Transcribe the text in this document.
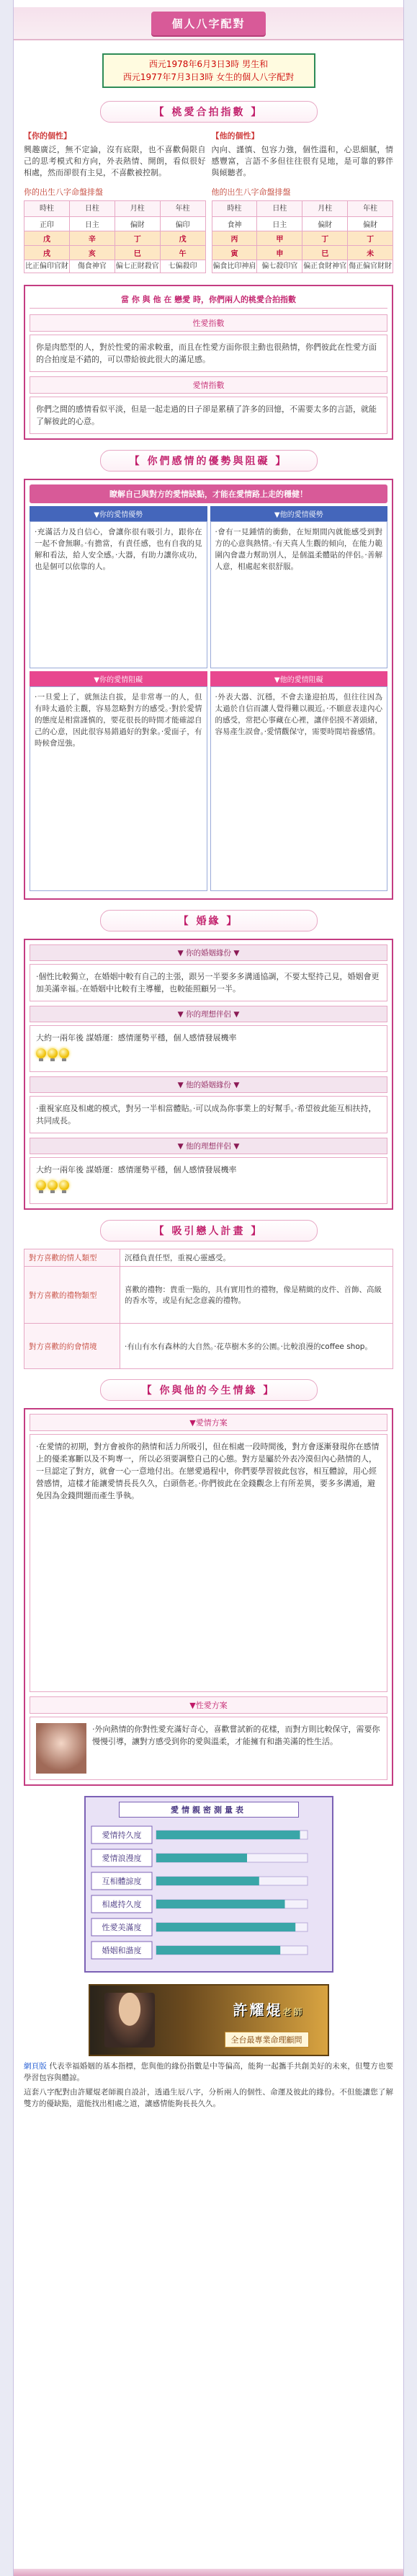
個人八字配對
西元1978年6月3日3時 男生和
西元1977年7月3日3時 女生的個人八字配對
【 桃愛合拍指數 】
【你的個性】
興趣廣泛，無不定論，沒有底限，也不喜歡侷限自己的思考模式和方向，外表熱情、開朗，看似很好相處，然而卻很有主見，不喜歡被控制。
【他的個性】
內向、謹慎、包容力強，個性溫和，心思細膩，情感豐富，言語不多但往往很有見地，是可靠的夥伴與傾聽者。
你的出生八字命盤排盤
時柱	日柱	月柱	年柱
正印	日主	偏財	偏印
戊	辛	丁	戊
戌	亥	巳	午
比正偏印官財	傷食神官	偏七正財殺官	七偏殺印
他的出生八字命盤排盤
時柱	日柱	月柱	年柱
食神	日主	偏財	偏財
丙	甲	丁	丁
寅	申	巳	未
偏食比印神肩	偏七殺印官	偏正食財神官	傷正偏官財財
當 你 與 他 在 戀愛 時，你們兩人的桃愛合拍指數
性愛指數
你是肉慾型的人，對於性愛的需求較重，而且在性愛方面你很主動也很熱情，你們彼此在性愛方面的合拍度是不錯的，可以帶給彼此很大的滿足感。
愛情指數
你們之間的感情看似平淡，但是一起走過的日子卻是累積了許多的回憶，不需要太多的言語，就能了解彼此的心意。
【 你們感情的優勢與阻礙 】
瞭解自己與對方的愛情缺點，才能在愛情路上走的穩健！
▼你的愛情優勢
‧充滿活力及自信心，會讓你很有吸引力，跟你在一起不會無聊。‧有擔當，有責任感，也有自我的見解和看法，給人安全感。‧大器，有助力讓你成功，也是個可以依靠的人。
▼他的愛情優勢
‧會有一見鍾情的衝動，在短期間內就能感受到對方的心意與熱情。‧有天真人生觀的傾向，在能力範圍內會盡力幫助別人，是個溫柔體貼的伴侶。‧善解人意，相處起來很舒服。
▼你的愛情阻礙
‧一旦愛上了，就無法自拔，是非常專一的人，但有時太過於主觀，容易忽略對方的感受。‧對於愛情的態度是相當謹慎的，要花很長的時間才能確認自己的心意，因此很容易錯過好的對象。‧愛面子，有時候會逞強。
▼他的愛情阻礙
‧外表大器、沉穩，不會去逢迎拍馬，但往往因為太過於自信而讓人覺得難以親近。‧不願意表達內心的感受，常把心事藏在心裡，讓伴侶摸不著頭緒，容易產生誤會。‧愛情觀保守，需要時間培養感情。
【 婚緣 】
▼ 你的婚姻緣份 ▼
‧個性比較獨立，在婚姻中較有自己的主張，跟另一半要多多溝通協調，不要太堅持己見，婚姻會更加美滿幸福。‧在婚姻中比較有主導權，也較能照顧另一半。
▼ 你的理想伴侶 ▼
大約一兩年後 謀婚運：感情運勢平穩，個人感情發展機率
▼ 他的婚姻緣份 ▼
‧重視家庭及相處的模式，對另一半相當體貼。‧可以成為你事業上的好幫手。‧希望彼此能互相扶持，共同成長。
▼ 他的理想伴侶 ▼
大約一兩年後 謀婚運：感情運勢平穩，個人感情發展機率
【 吸引戀人計畫 】
對方喜歡的情人類型	沉穩負責任型，重視心靈感受。
對方喜歡的禮物類型	喜歡的禮物：貴重一點的，具有實用性的禮物，像是精緻的皮件、首飾、高級的香水等，或是有紀念意義的禮物。
對方喜歡的約會情境	‧有山有水有森林的大自然。‧花草樹木多的公園。‧比較浪漫的coffee shop。
【 你與他的今生情緣 】
▼愛情方案
‧在愛情的初期，對方會被你的熱情和活力所吸引，但在相處一段時間後，對方會逐漸發現你在感情上的優柔寡斷以及不夠專一，所以必須要調整自己的心態。對方是屬於外表冷漠但內心熱情的人，一旦認定了對方，就會一心一意地付出。在戀愛過程中，你們要學習彼此包容，相互體諒，用心經營感情，這樣才能讓愛情長長久久，白頭偕老。‧你們彼此在金錢觀念上有所差異，要多多溝通，避免因為金錢問題而產生爭執。
▼性愛方案
‧外向熱情的你對性愛充滿好奇心，喜歡嘗試新的花樣，而對方則比較保守，需要你慢慢引導，讓對方感受到你的愛與溫柔，才能擁有和諧美滿的性生活。
愛情親密測量表
愛情持久度
愛情浪漫度
互相體諒度
相處持久度
性愛美滿度
婚姻和諧度
許耀焜老師
全台最專業命理顧問
網頁版 代表幸福婚姻的基本指標，您與他的緣份指數是中等偏高，能夠一起攜手共創美好的未來，但雙方也要學習包容與體諒。
這套八字配對由許耀焜老師親自設計，透過生辰八字，分析兩人的個性、命運及彼此的緣份。不但能讓您了解雙方的優缺點，還能找出相處之道，讓感情能夠長長久久。
